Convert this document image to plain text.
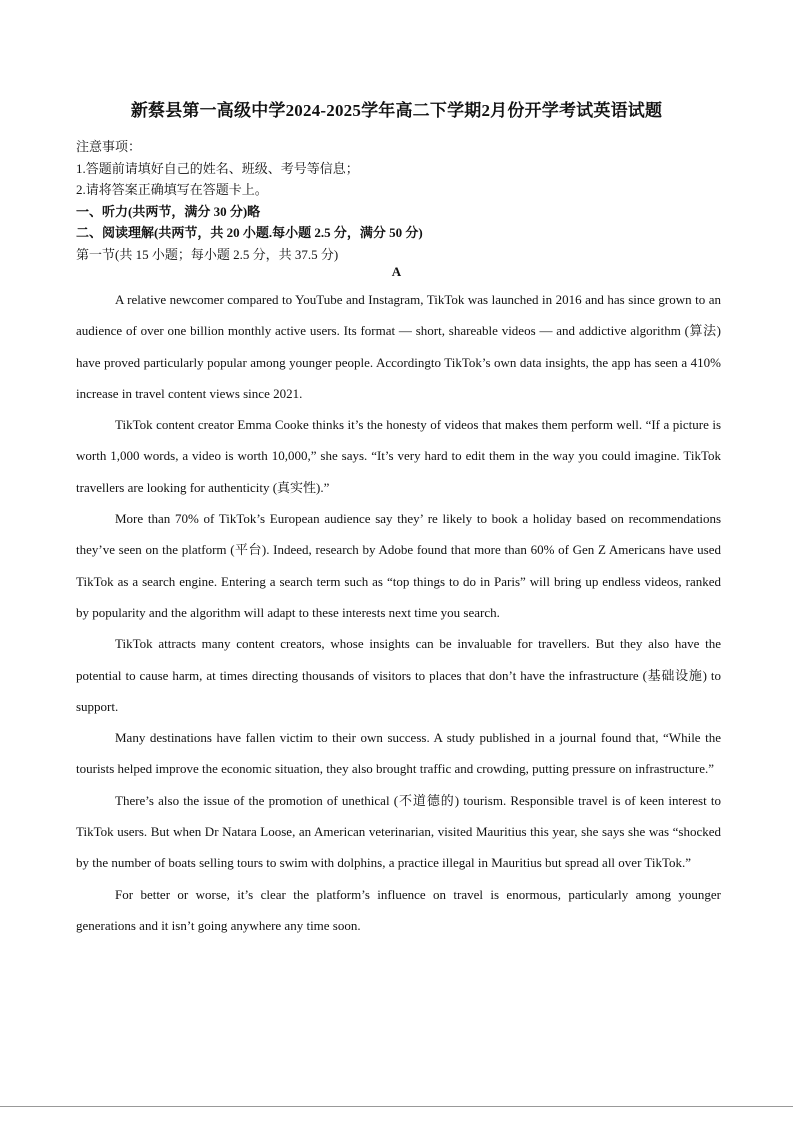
新蔡县第一高级中学2024-2025学年高二下学期2月份开学考试英语试题
注意事项：
1.答题前请填好自己的姓名、班级、考号等信息；
2.请将答案正确填写在答题卡上。
一、听力(共两节，满分 30 分)略
二、阅读理解(共两节，共 20 小题.每小题 2.5 分，满分 50 分)
第一节(共 15 小题；每小题 2.5 分，共 37.5 分)
A

A relative newcomer compared to YouTube and Instagram, TikTok was launched in 2016 and has since grown to an audience of over one billion monthly active users. Its format — short, shareable videos — and addictive algorithm (算法) have proved particularly popular among younger people. Accordingto TikTok’s own data insights, the app has seen a 410% increase in travel content views since 2021.

TikTok content creator Emma Cooke thinks it’s the honesty of videos that makes them perform well. “If a picture is worth 1,000 words, a video is worth 10,000,” she says. “It’s very hard to edit them in the way you could imagine. TikTok travellers are looking for authenticity (真实性).”

More than 70% of TikTok’s European audience say they’ re likely to book a holiday based on recommendations they’ve seen on the platform (平台). Indeed, research by Adobe found that more than 60% of Gen Z Americans have used TikTok as a search engine. Entering a search term such as “top things to do in Paris” will bring up endless videos, ranked by popularity and the algorithm will adapt to these interests next time you search.

TikTok attracts many content creators, whose insights can be invaluable for travellers. But they also have the potential to cause harm, at times directing thousands of visitors to places that don’t have the infrastructure (基础设施) to support.

Many destinations have fallen victim to their own success. A study published in a journal found that, “While the tourists helped improve the economic situation, they also brought traffic and crowding, putting pressure on infrastructure.”

There’s also the issue of the promotion of unethical (不道德的) tourism. Responsible travel is of keen interest to TikTok users. But when Dr Natara Loose, an American veterinarian, visited Mauritius this year, she says she was “shocked by the number of boats selling tours to swim with dolphins, a practice illegal in Mauritius but spread all over TikTok.”

For better or worse, it’s clear the platform’s influence on travel is enormous, particularly among younger generations and it isn’t going anywhere any time soon.
